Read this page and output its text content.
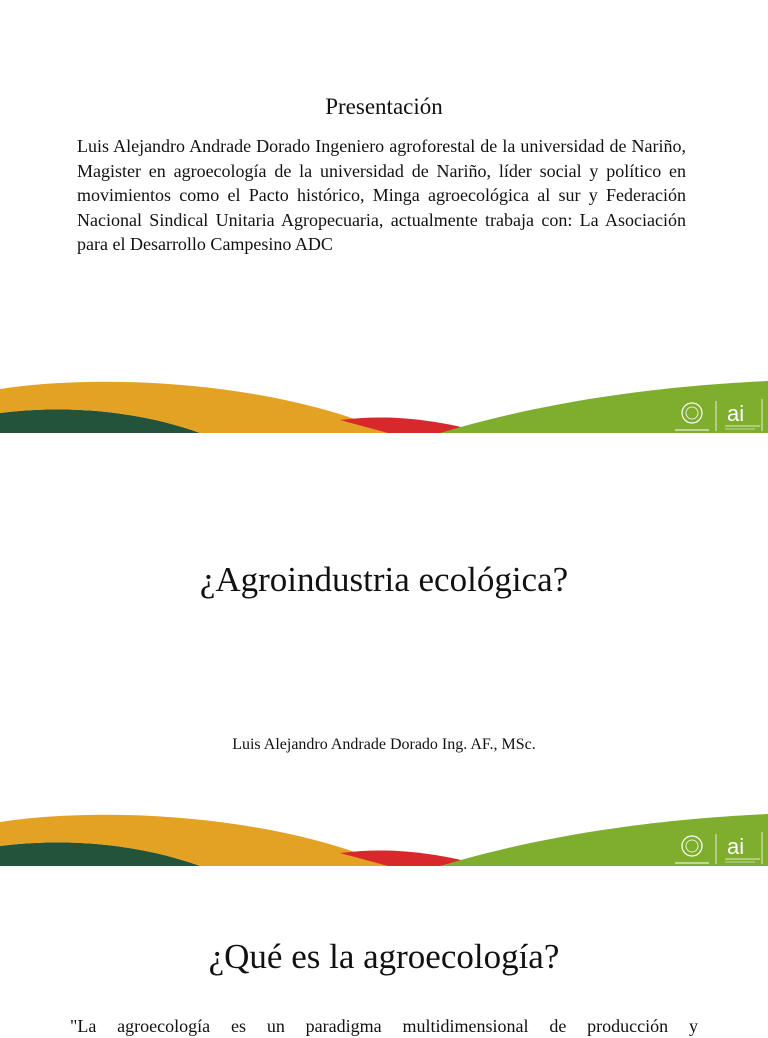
Presentación

Luis Alejandro Andrade Dorado Ingeniero agroforestal de la universidad de Nariño, Magister en agroecología de la universidad de Nariño, líder social y político en movimientos como el Pacto histórico, Minga agroecológica al sur y Federación Nacional Sindical Unitaria Agropecuaria, actualmente trabaja con: La Asociación para el Desarrollo Campesino ADC

ai
¿Agroindustria ecológica?

Luis Alejandro Andrade Dorado Ing. AF., MSc.

ai
¿Qué es la agroecología?

"La agroecología es un paradigma multidimensional de producción y
